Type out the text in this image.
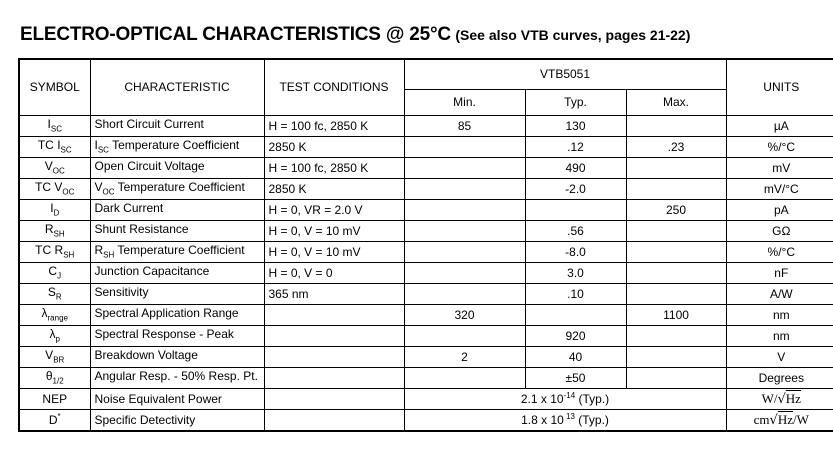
ELECTRO-OPTICAL CHARACTERISTICS @ 25°C (See also VTB curves, pages 21-22)
SYMBOL	CHARACTERISTIC	TEST CONDITIONS	VTB5051			UNITS
			Min.	Typ.	Max.	
$I_{SC}$	Short Circuit Current	H = 100 fc, 2850 K	85	130		µA
TC $I_{SC}$	$I_{SC}$ Temperature Coefficient	2850 K		.12	.23	%/°C
$V_{OC}$	Open Circuit Voltage	H = 100 fc, 2850 K		490		mV
TC $V_{OC}$	$V_{OC}$ Temperature Coefficient	2850 K		-2.0		mV/°C
$I_D$	Dark Current	H = 0, VR = 2.0 V			250	pA
$R_{SH}$	Shunt Resistance	H = 0, V = 10 mV		.56		GΩ
TC $R_{SH}$	$R_{SH}$ Temperature Coefficient	H = 0, V = 10 mV		-8.0		%/°C
$C_J$	Junction Capacitance	H = 0, V = 0		3.0		nF
$S_R$	Sensitivity	365 nm		.10		A/W
$\lambda_{range}$	Spectral Application Range		320		1100	nm
$\lambda_p$	Spectral Response - Peak			920		nm
$V_{BR}$	Breakdown Voltage		2	40		V
$\theta_{1/2}$	Angular Resp. - 50% Resp. Pt.			±50		Degrees
NEP	Noise Equivalent Power		2.1 x $10^{-14}$ (Typ.)			W/√Hz
D*	Specific Detectivity		1.8 x 10 $^{13}$ (Typ.)			cm√Hz/W
